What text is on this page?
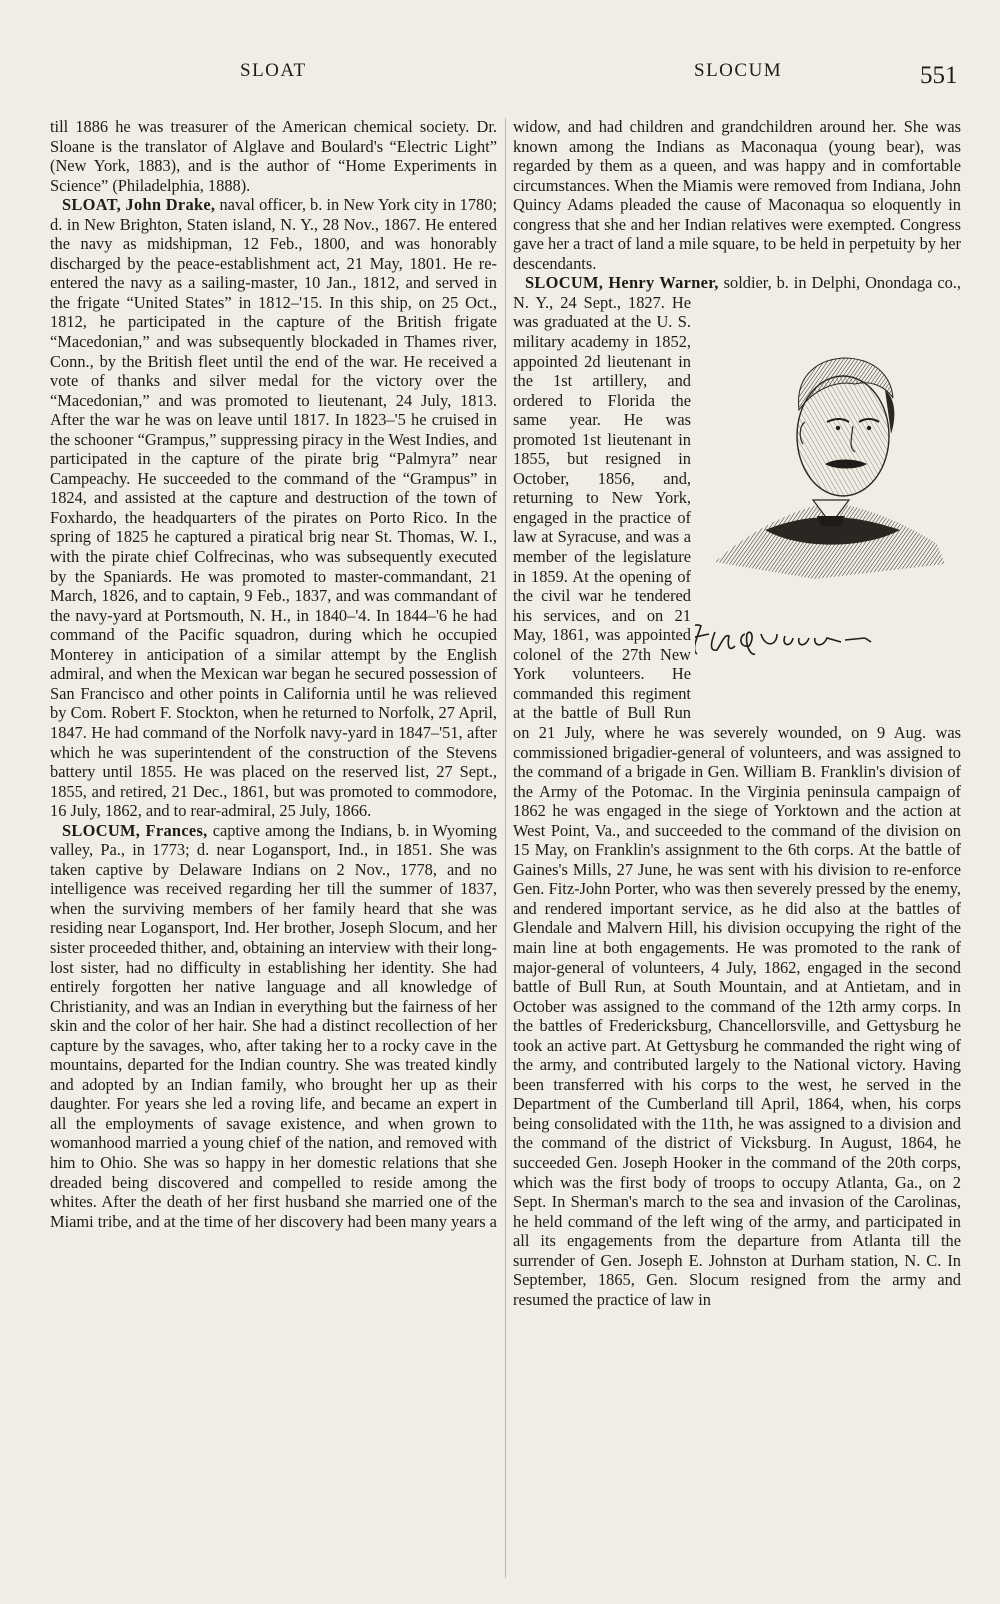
SLOAT	SLOCUM	551

till 1886 he was treasurer of the American chemical society. Dr. Sloane is the translator of Alglave and Boulard's “Electric Light” (New York, 1883), and is the author of “Home Experiments in Science” (Philadelphia, 1888).

SLOAT, John Drake, naval officer, b. in New York city in 1780; d. in New Brighton, Staten island, N. Y., 28 Nov., 1867. He entered the navy as midshipman, 12 Feb., 1800, and was honorably discharged by the peace-establishment act, 21 May, 1801. He re-entered the navy as a sailing-master, 10 Jan., 1812, and served in the frigate “United States” in 1812–'15. In this ship, on 25 Oct., 1812, he participated in the capture of the British frigate “Macedonian,” and was subsequently blockaded in Thames river, Conn., by the British fleet until the end of the war. He received a vote of thanks and silver medal for the victory over the “Macedonian,” and was promoted to lieutenant, 24 July, 1813. After the war he was on leave until 1817. In 1823–'5 he cruised in the schooner “Grampus,” suppressing piracy in the West Indies, and participated in the capture of the pirate brig “Palmyra” near Campeachy. He succeeded to the command of the “Grampus” in 1824, and assisted at the capture and destruction of the town of Foxhardo, the headquarters of the pirates on Porto Rico. In the spring of 1825 he captured a piratical brig near St. Thomas, W. I., with the pirate chief Colfrecinas, who was subsequently executed by the Spaniards. He was promoted to master-commandant, 21 March, 1826, and to captain, 9 Feb., 1837, and was commandant of the navy-yard at Portsmouth, N. H., in 1840–'4. In 1844–'6 he had command of the Pacific squadron, during which he occupied Monterey in anticipation of a similar attempt by the English admiral, and when the Mexican war began he secured possession of San Francisco and other points in California until he was relieved by Com. Robert F. Stockton, when he returned to Norfolk, 27 April, 1847. He had command of the Norfolk navy-yard in 1847–'51, after which he was superintendent of the construction of the Stevens battery until 1855. He was placed on the reserved list, 27 Sept., 1855, and retired, 21 Dec., 1861, but was promoted to commodore, 16 July, 1862, and to rear-admiral, 25 July, 1866.

SLOCUM, Frances, captive among the Indians, b. in Wyoming valley, Pa., in 1773; d. near Logansport, Ind., in 1851. She was taken captive by Delaware Indians on 2 Nov., 1778, and no intelligence was received regarding her till the summer of 1837, when the surviving members of her family heard that she was residing near Logansport, Ind. Her brother, Joseph Slocum, and her sister proceeded thither, and, obtaining an interview with their long-lost sister, had no difficulty in establishing her identity. She had entirely forgotten her native language and all knowledge of Christianity, and was an Indian in everything but the fairness of her skin and the color of her hair. She had a distinct recollection of her capture by the savages, who, after taking her to a rocky cave in the mountains, departed for the Indian country. She was treated kindly and adopted by an Indian family, who brought her up as their daughter. For years she led a roving life, and became an expert in all the employments of savage existence, and when grown to womanhood married a young chief of the nation, and removed with him to Ohio. She was so happy in her domestic relations that she dreaded being discovered and compelled to reside among the whites. After the death of her first husband she married one of the Miami tribe, and at the time of her discovery had been many years a

widow, and had children and grandchildren around her. She was known among the Indians as Maconaqua (young bear), was regarded by them as a queen, and was happy and in comfortable circumstances. When the Miamis were removed from Indiana, John Quincy Adams pleaded the cause of Maconaqua so eloquently in congress that she and her Indian relatives were exempted. Congress gave her a tract of land a mile square, to be held in perpetuity by her descendants.

SLOCUM, Henry Warner,
soldier, b. in Delphi, Onondaga co., N. Y., 24 Sept., 1827. He was graduated at the U. S. military academy in 1852, appointed 2d lieutenant in the 1st artillery, and ordered to Florida the same year. He was promoted 1st lieutenant in 1855, but resigned in October, 1856, and, returning to New York, engaged in the practice of law at Syracuse, and was a member of the legislature in 1859. At the opening of the civil war he tendered his services, and on 21 May, 1861, was appointed colonel of the 27th New York volunteers. He commanded this regiment at the battle of Bull Run on 21 July, where he was severely wounded, on 9 Aug. was commissioned brigadier-general of volunteers, and was assigned to the command of a brigade in Gen. William B. Franklin's division of the Army of the Potomac. In the Virginia peninsula campaign of 1862 he was engaged in the siege of Yorktown and the action at West Point, Va., and succeeded to the command of the division on 15 May, on Franklin's assignment to the 6th corps. At the battle of Gaines's Mills, 27 June, he was sent with his division to re-enforce Gen. Fitz-John Porter, who was then severely pressed by the enemy, and rendered important service, as he did also at the battles of Glendale and Malvern Hill, his division occupying the right of the main line at both engagements. He was promoted to the rank of major-general of volunteers, 4 July, 1862, engaged in the second battle of Bull Run, at South Mountain, and at Antietam, and in October was assigned to the command of the 12th army corps. In the battles of Fredericksburg, Chancellorsville, and Gettysburg he took an active part. At Gettysburg he commanded the right wing of the army, and contributed largely to the National victory. Having been transferred with his corps to the west, he served in the Department of the Cumberland till April, 1864, when, his corps being consolidated with the 11th, he was assigned to a division and the command of the district of Vicksburg. In August, 1864, he succeeded Gen. Joseph Hooker in the command of the 20th corps, which was the first body of troops to occupy Atlanta, Ga., on 2 Sept. In Sherman's march to the sea and invasion of the Carolinas, he held command of the left wing of the army, and participated in all its engagements from the departure from Atlanta till the surrender of Gen. Joseph E. Johnston at Durham station, N. C. In September, 1865, Gen. Slocum resigned from the army and resumed the practice of law in
